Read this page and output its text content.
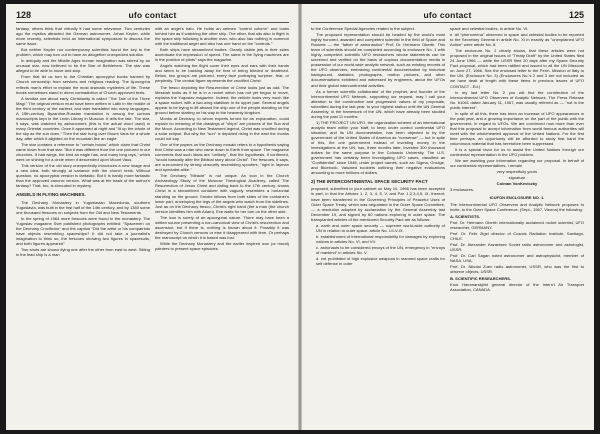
128	ufo contact

fantasy, others think that virtually it had some relevance. Two centuries ago the mystics attracted the German astronomer, Johan Kepler, while more recently, scientists held an international symposium to discuss the same issue.

But neither Kepler nor contemporary scientists found the key to the problem, which may turn out to have an altogether unexpected solution.

In antiquity and the Middle Ages human imagination was stirred by an unusual star, now believed to be the Star of Bethlehem. The star was alleged to be able to move and stop.

From that let us turn to the Christian apocrypha books banned by Church censorship from services and religious reading. The Apocrypha reflects man's effort to explain the most dramatic mysteries of life. These books sometimes stand in direct contradiction of Church-approved texts.

A familiar one about early Christianity is called "The Tale of the Three Magi." The original version must have been written in Latin in the middle of the third century of the earliest, and later translated into many languages. A 15th-century Byzantine-Russian translation is among the curious manuscripts kept in the Lenin Library in Moscow. It tells the tale. The star, it says, was watched by astronomers (this is the actual word used) in many Oriental countries. Once it appeared at night and "lit up the whole of the sky as the sun does." Then the star hung over Mount Vaus for a whole day, after which it alighted on the mountain like an eagle.

The star contains a reference to "certain books" which claim that Christ came down from that star. "But it was different from the one pictured in our churches. It had wings, the kind an eagle has, and many long rays," which went on shining for a circle when it descended upon Mount Vaus.

This version of the old story unexpectedly introduces a new image and a new idea, both strongly at variance with the church texts. Without question, no apocryphal version is fantastic. But it is hardly more fantastic than the approved canonic version. What was at the basis of the author's fantasy? That, too, is shrouded in mystery.

ANGELS IN FLYING MACHINES.

The Dechany Monastery in Yugoslavian Macedonia, southern Yugoslavia, was built in the first half of the 14th century, and by 1350 some one thousand frescoes on subjects from the Old and New Testaments.

In the spring of 1964 more frescoes were found in the monastery. The Yugoslav magazine Svet published photographs entitled: "Spacemen on the Dechany Crucifixion" and the caption "Did the artist or his compatriots have objects resembling spaceships? It did not take a journalist's imagination to think so, the frescoes showing two figures in spacesuits, and both figures appeared"

Two shots are shown flying one after the other from east to west. Sitting in the lead ship is a man

with an angel's halo. He holds an oeimen "control column" and looks behind him as if watching the other ship. The other, that sits also in flight in the space ship following is another man, who also has nothing in common with the traditional angel and also has one hand on the "controls."

Both ships have streamlined bodies. Clearly visible jets in their sides accentuate the impression of speed. The same is the flying machines are in the position of pilots" says the magazine.

Angels watching the flight cover their eyes and ears with their hands and seem to be backing away for fear of being blinded or deafened. Below, two groups are pictured, every face portraying surprise, fear, or perplexity. The central figure represents the crucified Christ.

The fresco depicting the Resurrection of Christ looks just as odd. The Messiah looks as if he is in a rocket which has not yet begun to move, explains the Yugoslav magazine. Indeed, the vehicle looks very much like a space rocket, with a two-wing stabilizer in its upper part. Several angels appear to be trying to lift aboard the ship one of the people standing on the ground before starting on his way to the heavenly kingdom.

Monks at Dechany, to whom experts turned for an explanation, could explain no meaning of the drawings of "ships" are pictures of the Sun and the Moon. According to New Testament legend, Christ was crucified during a solar eclipse. But why the "sun" is depicted rising in the east the monks could not say.

One of the papers on the Dechany mosaic refers to a hypothesis saying that Christ was a man who came down to Earth from space. The magazine comments that such ideas are "unlikely", that the hypothesis, if confirmed, "would basically alter the Biblical story about Christ". The frescoes, it says, are surrounded by strong obscurity resembling spoofers, "right in layman and specialist alike."

The Dechany "Miracle" is not unique. An icon in the Church Archaeology Study of the Moscow Theological Academy, called The Resurrection of Jesus Christ and dating back to the 17th century, shows Christ in a streamlined container with vaguely resembles a horizontal standing on the ground. Smoke billows from both sides of the container's lower part, enveloping the legs of the angels who watch from the sidelines. Just as on the Dechany fresco, Christ's right hand (the a man (the church version identifies him with Adam). Eve waits for her turn on the other side.

The icon is surely of an apocryphal nature. There may have been a written source presenting a non-canonical view of Christ's resurrection and ascension; but if there is, nothing is known about it. Possibly it was destroyed by Church censors or else it disappeared with time. Or perhaps the manuscript on which it is based was lost.

While the Dechany Monastery and the earlier inspired icon (or mural) painters to present space episodes.

ufo contact	125

to the Conference Special Agencies related to the subject.

The proposed representation should be headed by the world's most highly honored, awarded and competent scientist in the field of Space and Rockets — the "father of astronautics" Prof. Dr. Hermann Oberth. This team of scientists should be completed according to enclosure No. 1 with highly competent scientific UFO researchers whose statements can be screened and verified on the basis of copious documentation media in possession of our world-wide analytic network, such as existing records of the UFO observers, embracing continental documentation by historical background, statistics, photographs, motion pictures, and other documentations exhibited and witnessed by engineers, about the UFOs and their global intercontinental activities.

As a former scientific collaborator of the prophet, and founder of the Intercontinental UFO Network, supporting our request, may I call your attention to the constructive and progressive values of my proposals, submitted during the last year, to your highest station until the UN General Assembly, in the framework of the UN, which have already been studied during the past 11 months.

1) THE PROJECT UN UFO, the organization scheme of an international analytic team within your staff, to keep under control continental UFO situation, and its UN documentation, has been objected to by the government of the United States of America as "nonsense" — but in spite of this, the one government instead of investing money in the investigations at the UN, has, three months later, invested 300 thousand dollars for the same purpose in the Colorado University. The U.S. government has certainly been investigating UFO cases, classified as "Confidential" since 1948, under project names, such as: Sigma, Grudge, and Bluebook. Valuated booklets outlining their negative evaluations amounting to more millions of dollars.

2) THE INTERCONTINENTAL SPACE SECURITY PACT

proposed, submitted to your cabinet on May 10, 1966 has been accepted in part, in that the Articles 1, 2, 3, 4, 5, V, and Par. 1,2,3,4,5, IX, thereof, have been transferred in the Governing Principles of Peaceful Uses of Outer Space Treaty, which was negotiated in the Outer Space Committee, — a resolution adopted by acclamation by the General Assembly last December 19, and signed by 60 nations exploring in outer space. The transplanted articles of the mentioned Security Pact are as follows:

a. earth and outer space security — supreme world-wide authority of UN in relation to outer space. article No. I-II-V-IX.

b. establishment of international responsibility for damages by exploring nations in articles No. VI, and VII.

c. astronauts to be considered envoys of the UN, emergency in "envoys of mankind" in articles No. V.

d. not prohibited of high explosive weapons in manned space crafts for self defense in outer

space and celestial bodies, in article No. VI.

e. all "phenomena" observed in space and celestial bodies to be reported to the Secretary General in article No. XI in exactly as "unexplained UFO Action" were article No. 8.

The enclosure No. 2 clearly shows, that these articles were not proposed in the original issues of "Treaty Draft" by the United States filed 24 June 1966 — while the USSR filed 20 days after my Space Security Pact proposal, which had been ratified and issued to all the UN Missions on June 27, 1966. See the enclosed letter to the Perm. Mission of Italy to the UN. (Enclosure No. 3) (Enclosures No.'s 2 and 3 are not included as we have dealt at length with these items in previous issues of UFO CONTACT - Ed.)

In my last letter No. 2 you will find the contribution of the Intercontinental UFO Observers of Analytic Network. The Press Release No. 61061 dated January 11, 1967, was usually referred as — "not in the public interest".

In spite of all this, there has been an increase of UFO appearances in the past year, and a growing importance on the part of the public with the government, in regard to UFOs. We are convinced now more than ever that this proposal to accept information from world famous authorities will meet with the wholehearted approval of the United Nations. For the first time perhaps, an opportunity will be afforded to study first hand the voluminous material that has heretofore been suppressed.

It is a special favor for us to assist the United Nations through our continental representation in the UFO problem.

We are awaiting your information regarding our proposal. In behalf of our continental representatives, I remain

very respectfully yours

signature

Colman VonKeviczky

3 enclosures.

ICUFON ENCLOSURE NO. 1.

The Intercontinental UFO Observers and Analytic Network proposes to invite, to the Outer Space Conference, (Sept., 1967, Vienna) the following:

A. SCIENTISTS.

Prof. Dr. Hermann Oberth internationally acclaimed rocket scientist, UFO researcher, GERMANY.

Prof. Dr. Felix Zigel director of Cosmic Radiation Institute, Santiago, CHILE.

Prof. Dr. Alexander Kazantsev Soviet radio astronomer and astrologist, USSR.

Prof. Dr. Carl Sagan noted astronomer and astrophysicist, member of NASA, USA.

Prof. Dr. Nikolai Zuev radio astronomer, USSR, who was the first to observe objects, USSR.

B. SCIENTIFIC RESEARCHERS.

Knut Hammarskjöld general director of the Intern'l Air Transport Association, CANADA.
